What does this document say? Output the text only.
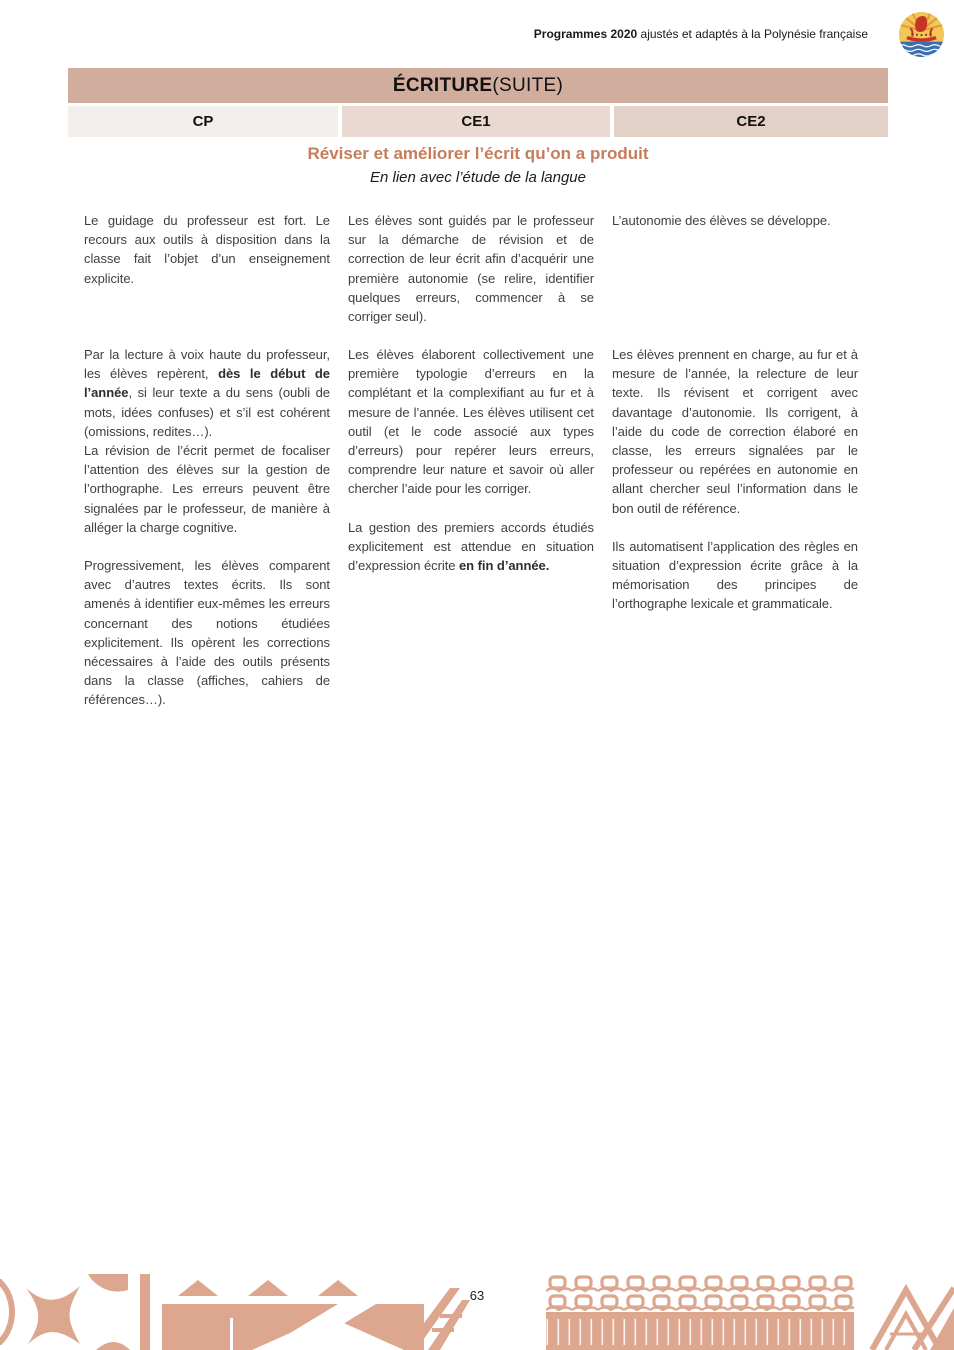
Programmes 2020 ajustés et adaptés à la Polynésie française
ÉCRITURE (SUITE)
CP	CE1	CE2
Réviser et améliorer l’écrit qu’on a produit
En lien avec l’étude de la langue
Le guidage du professeur est fort. Le recours aux outils à disposition dans la classe fait l’objet d’un enseignement explicite.
Par la lecture à voix haute du professeur, les élèves repèrent, dès le début de l’année, si leur texte a du sens (oubli de mots, idées confuses) et s’il est cohérent (omissions, redites…).
La révision de l’écrit permet de focaliser l’attention des élèves sur la gestion de l’orthographe. Les erreurs peuvent être signalées par le professeur, de manière à alléger la charge cognitive.
Progressivement, les élèves comparent avec d’autres textes écrits. Ils sont amenés à identifier eux-mêmes les erreurs concernant des notions étudiées explicitement. Ils opèrent les corrections nécessaires à l’aide des outils présents dans la classe (affiches, cahiers de références…).
Les élèves sont guidés par le professeur sur la démarche de révision et de correction de leur écrit afin d’acquérir une première autonomie (se relire, identifier quelques erreurs, commencer à se corriger seul).
Les élèves élaborent collectivement une première typologie d’erreurs en la complétant et la complexifiant au fur et à mesure de l’année. Les élèves utilisent cet outil (et le code associé aux types d’erreurs) pour repérer leurs erreurs, comprendre leur nature et savoir où aller chercher l’aide pour les corriger.
La gestion des premiers accords étudiés explicitement est attendue en situation d’expression écrite en fin d’année.
L’autonomie des élèves se développe.
Les élèves prennent en charge, au fur et à mesure de l’année, la relecture de leur texte. Ils révisent et corrigent avec davantage d’autonomie. Ils corrigent, à l’aide du code de correction élaboré en classe, les erreurs signalées par le professeur ou repérées en autonomie en allant chercher seul l’information dans le bon outil de référence.
Ils automatisent l’application des règles en situation d’expression écrite grâce à la mémorisation des principes de l’orthographe lexicale et grammaticale.
63
